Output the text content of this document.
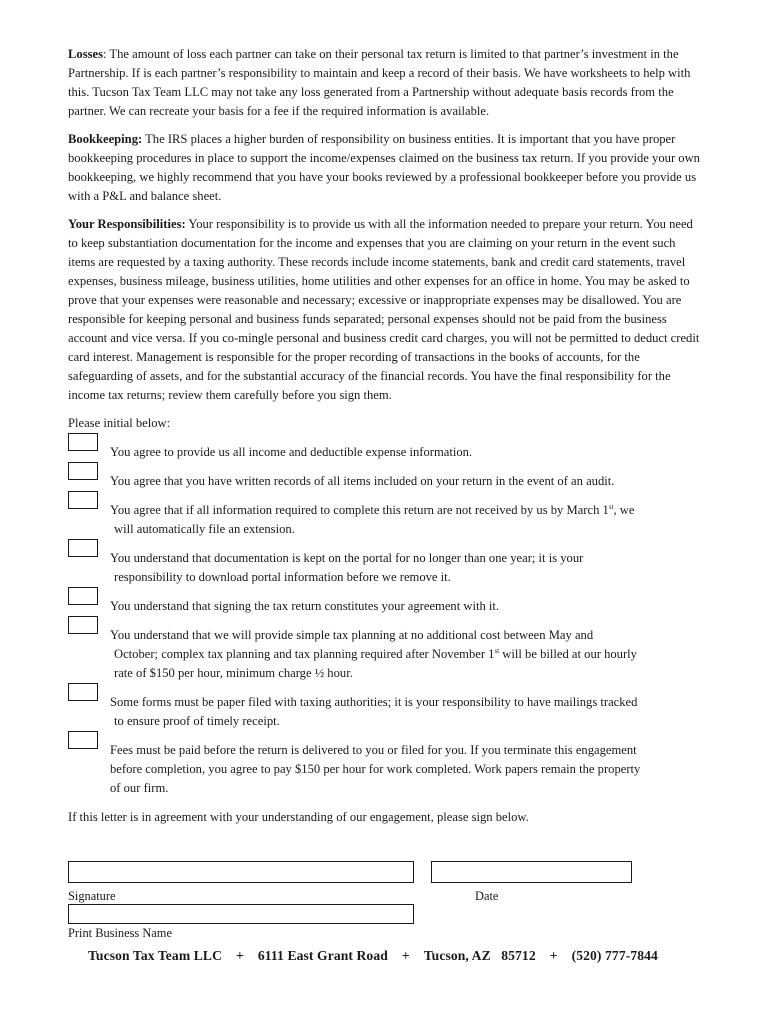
Losses: The amount of loss each partner can take on their personal tax return is limited to that partner’s investment in the Partnership. If is each partner’s responsibility to maintain and keep a record of their basis. We have worksheets to help with this. Tucson Tax Team LLC may not take any loss generated from a Partnership without adequate basis records from the partner. We can recreate your basis for a fee if the required information is available.

Bookkeeping: The IRS places a higher burden of responsibility on business entities. It is important that you have proper bookkeeping procedures in place to support the income/expenses claimed on the business tax return. If you provide your own bookkeeping, we highly recommend that you have your books reviewed by a professional bookkeeper before you provide us with a P&L and balance sheet.

Your Responsibilities: Your responsibility is to provide us with all the information needed to prepare your return. You need to keep substantiation documentation for the income and expenses that you are claiming on your return in the event such items are requested by a taxing authority. These records include income statements, bank and credit card statements, travel expenses, business mileage, business utilities, home utilities and other expenses for an office in home. You may be asked to prove that your expenses were reasonable and necessary; excessive or inappropriate expenses may be disallowed. You are responsible for keeping personal and business funds separated; personal expenses should not be paid from the business account and vice versa. If you co-mingle personal and business credit card charges, you will not be permitted to deduct credit card interest. Management is responsible for the proper recording of transactions in the books of accounts, for the safeguarding of assets, and for the substantial accuracy of the financial records. You have the final responsibility for the income tax returns; review them carefully before you sign them.

Please initial below:
You agree to provide us all income and deductible expense information.
You agree that you have written records of all items included on your return in the event of an audit.
You agree that if all information required to complete this return are not received by us by March 1st, we
will automatically file an extension.
You understand that documentation is kept on the portal for no longer than one year; it is your
responsibility to download portal information before we remove it.
You understand that signing the tax return constitutes your agreement with it.
You understand that we will provide simple tax planning at no additional cost between May and
October; complex tax planning and tax planning required after November 1st will be billed at our hourly
rate of $150 per hour, minimum charge ½ hour.
Some forms must be paper filed with taxing authorities; it is your responsibility to have mailings tracked
to ensure proof of timely receipt.
Fees must be paid before the return is delivered to you or filed for you. If you terminate this engagement
before completion, you agree to pay $150 per hour for work completed. Work papers remain the property
of our firm.
If this letter is in agreement with your understanding of our engagement, please sign below.
Signature	Date
Print Business Name
Tucson Tax Team LLC + 6111 East Grant Road + Tucson, AZ   85712 + (520) 777-7844
